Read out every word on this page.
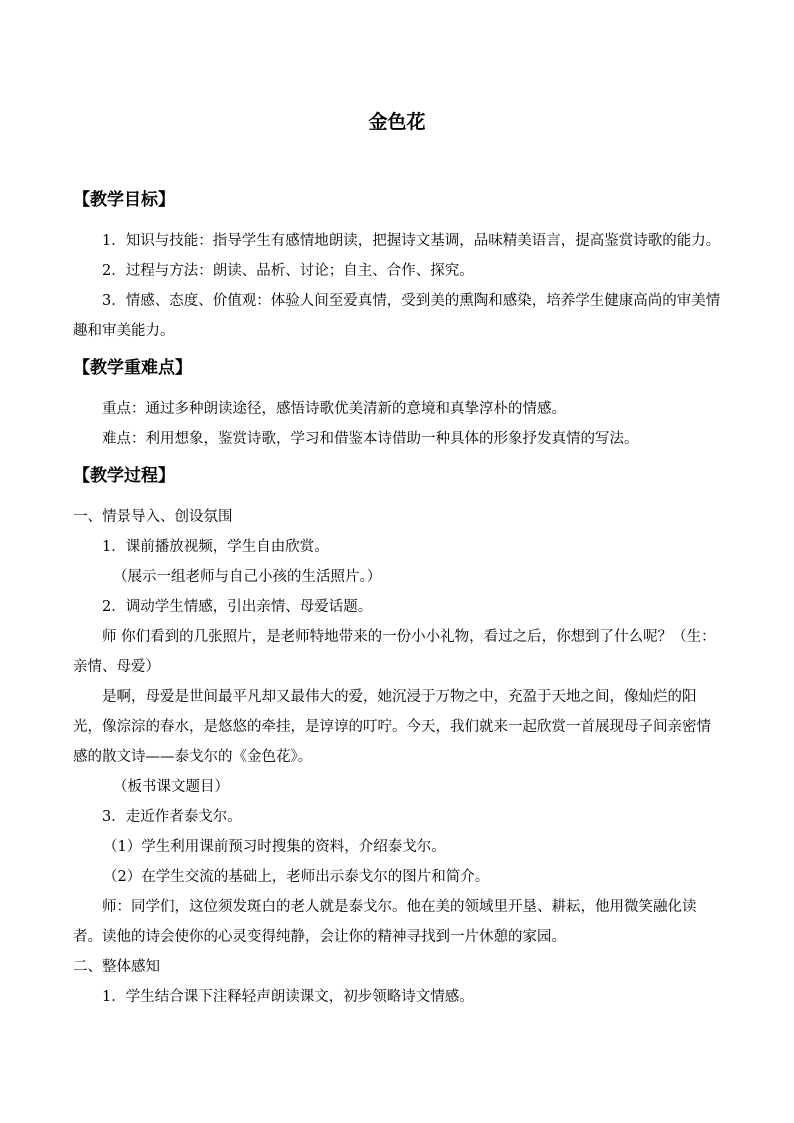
金色花
【教学目标】

1．知识与技能：指导学生有感情地朗读，把握诗文基调，品味精美语言，提高鉴赏诗歌的能力。

2．过程与方法：朗读、品析、讨论；自主、合作、探究。

3．情感、态度、价值观：体验人间至爱真情，受到美的熏陶和感染，培养学生健康高尚的审美情趣和审美能力。

【教学重难点】

重点：通过多种朗读途径，感悟诗歌优美清新的意境和真挚淳朴的情感。

难点：利用想象，鉴赏诗歌，学习和借鉴本诗借助一种具体的形象抒发真情的写法。

【教学过程】

一、情景导入、创设氛围

1．课前播放视频，学生自由欣赏。

（展示一组老师与自己小孩的生活照片。）

2．调动学生情感，引出亲情、母爱话题。

师 你们看到的几张照片，是老师特地带来的一份小小礼物，看过之后，你想到了什么呢？（生：亲情、母爱）

是啊，母爱是世间最平凡却又最伟大的爱，她沉浸于万物之中，充盈于天地之间，像灿烂的阳光，像淙淙的春水，是悠悠的牵挂，是谆谆的叮咛。今天，我们就来一起欣赏一首展现母子间亲密情感的散文诗——泰戈尔的《金色花》。

（板书课文题目）

3．走近作者泰戈尔。

（1）学生利用课前预习时搜集的资料，介绍泰戈尔。

（2）在学生交流的基础上，老师出示泰戈尔的图片和简介。

师：同学们，这位须发斑白的老人就是泰戈尔。他在美的领域里开垦、耕耘，他用微笑融化读者。读他的诗会使你的心灵变得纯静，会让你的精神寻找到一片休憩的家园。

二、整体感知

1．学生结合课下注释轻声朗读课文，初步领略诗文情感。
